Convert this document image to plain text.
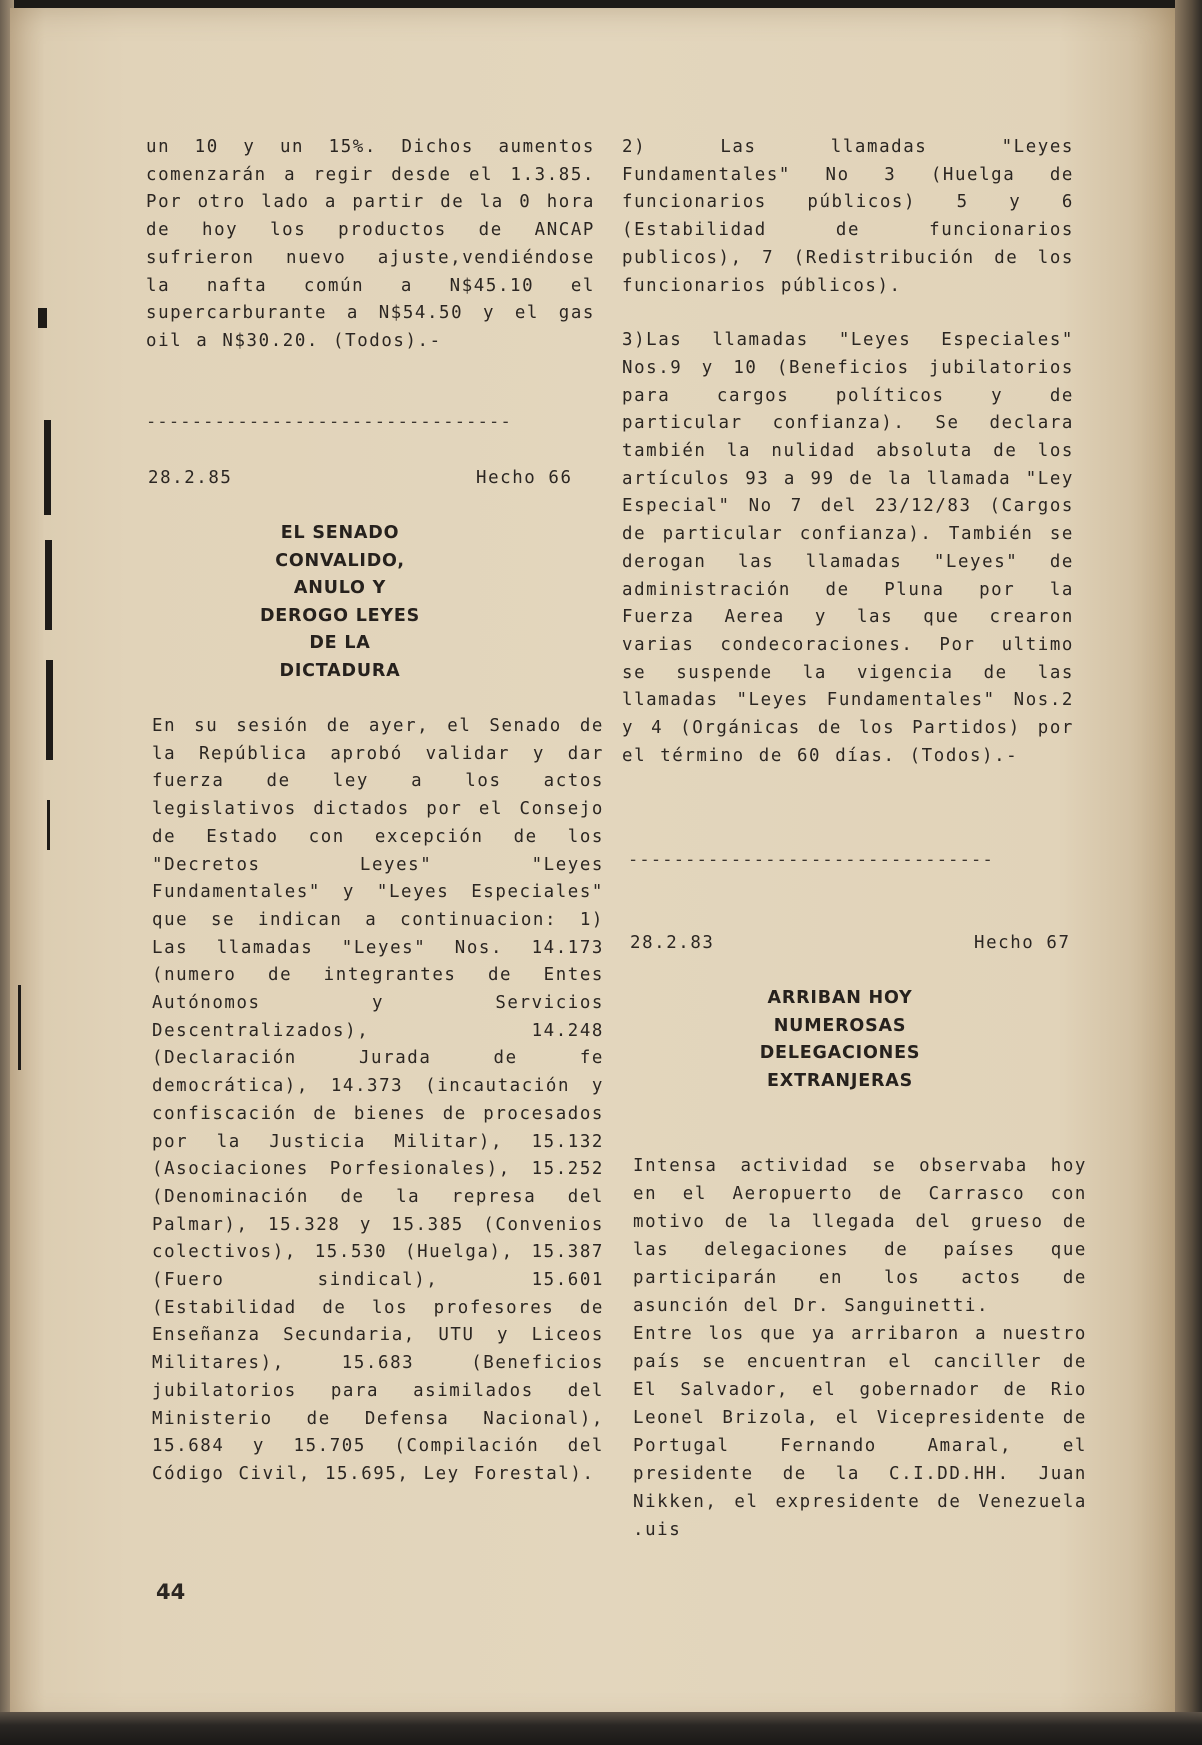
un 10 y un 15%. Dichos aumentos comenzarán a regir desde el 1.3.85. Por otro lado a partir de la 0 hora de hoy los productos de ANCAP sufrieron nuevo ajuste,vendiéndose la nafta común a N$45.10 el supercarburante a N$54.50 y el gas oil a N$30.20. (Todos).-

--------------------------------
28.2.85	Hecho 66
EL SENADO
CONVALIDO,
ANULO Y
DEROGO LEYES
DE LA
DICTADURA

En su sesión de ayer, el Senado de la República aprobó validar y dar fuerza de ley a los actos legislativos dictados por el Consejo de Estado con excepción de los "Decretos Leyes" "Leyes Fundamentales" y "Leyes Especiales" que se indican a continuacion: 1) Las llamadas "Leyes" Nos. 14.173 (numero de integrantes de Entes Autónomos y Servicios Descentralizados), 14.248 (Declaración Jurada de fe democrática), 14.373 (incautación y confiscación de bienes de procesados por la Justicia Militar), 15.132 (Asociaciones Porfesionales), 15.252 (Denominación de la represa del Palmar), 15.328 y 15.385 (Convenios colectivos), 15.530 (Huelga), 15.387 (Fuero sindical), 15.601 (Estabilidad de los profesores de Enseñanza Secundaria, UTU y Liceos Militares), 15.683 (Beneficios jubilatorios para asimilados del Ministerio de Defensa Nacional), 15.684 y 15.705 (Compilación del Código Civil, 15.695, Ley Forestal).

44

2) Las llamadas "Leyes Fundamentales" No 3 (Huelga de funcionarios públicos) 5 y 6 (Estabilidad de funcionarios publicos), 7 (Redistribución de los funcionarios públicos).

3)Las llamadas "Leyes Especiales" Nos.9 y 10 (Beneficios jubilatorios para cargos políticos y de particular confianza). Se declara también la nulidad absoluta de los artículos 93 a 99 de la llamada "Ley Especial" No 7 del 23/12/83 (Cargos de particular confianza). También se derogan las llamadas "Leyes" de administración de Pluna por la Fuerza Aerea y las que crearon varias condecoraciones. Por ultimo se suspende la vigencia de las llamadas "Leyes Fundamentales" Nos.2 y 4 (Orgánicas de los Partidos) por el término de 60 días. (Todos).-

--------------------------------
28.2.83	Hecho 67
ARRIBAN HOY
NUMEROSAS
DELEGACIONES
EXTRANJERAS

Intensa actividad se observaba hoy en el Aeropuerto de Carrasco con motivo de la llegada del grueso de las delegaciones de países que participarán en los actos de asunción del Dr. Sanguinetti.

Entre los que ya arribaron a nuestro país se encuentran el canciller de El Salvador, el gobernador de Rio Leonel Brizola, el Vicepresidente de Portugal Fernando Amaral, el presidente de la C.I.DD.HH. Juan Nikken, el expresidente de Venezuela .uis
